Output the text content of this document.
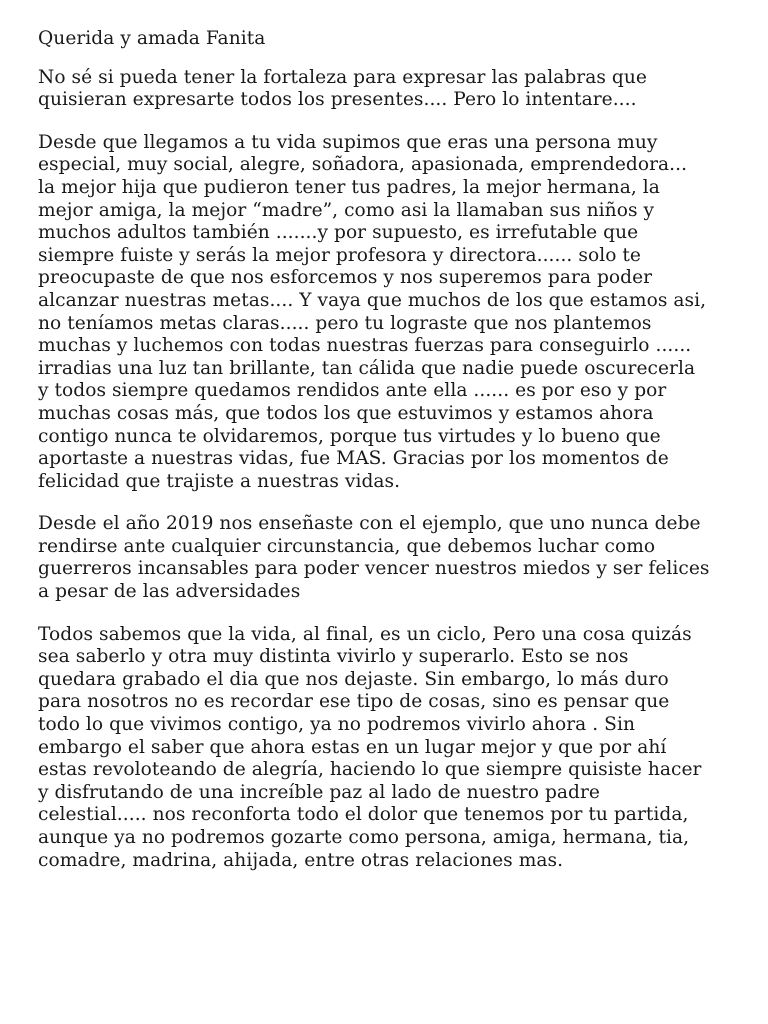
Querida y amada Fanita

No sé si pueda tener la fortaleza para expresar las palabras que
quisieran expresarte todos los presentes.... Pero lo intentare....

Desde que llegamos a tu vida supimos que eras una persona muy
especial, muy social, alegre, soñadora, apasionada, emprendedora...
la mejor hija que pudieron tener tus padres, la mejor hermana, la
mejor amiga, la mejor “madre”, como asi la llamaban sus niños y
muchos adultos también .......y por supuesto, es irrefutable que
siempre fuiste y serás la mejor profesora y directora...... solo te
preocupaste de que nos esforcemos y nos superemos para poder
alcanzar nuestras metas.... Y vaya que muchos de los que estamos asi,
no teníamos metas claras..... pero tu lograste que nos plantemos
muchas y luchemos con todas nuestras fuerzas para conseguirlo ......
irradias una luz tan brillante, tan cálida que nadie puede oscurecerla
y todos siempre quedamos rendidos ante ella ...... es por eso y por
muchas cosas más, que todos los que estuvimos y estamos ahora
contigo nunca te olvidaremos, porque tus virtudes y lo bueno que
aportaste a nuestras vidas, fue MAS. Gracias por los momentos de
felicidad que trajiste a nuestras vidas.

Desde el año 2019 nos enseñaste con el ejemplo, que uno nunca debe
rendirse ante cualquier circunstancia, que debemos luchar como
guerreros incansables para poder vencer nuestros miedos y ser felices
a pesar de las adversidades

Todos sabemos que la vida, al final, es un ciclo, Pero una cosa quizás
sea saberlo y otra muy distinta vivirlo y superarlo. Esto se nos
quedara grabado el dia que nos dejaste. Sin embargo, lo más duro
para nosotros no es recordar ese tipo de cosas, sino es pensar que
todo lo que vivimos contigo, ya no podremos vivirlo ahora . Sin
embargo el saber que ahora estas en un lugar mejor y que por ahí
estas revoloteando de alegría, haciendo lo que siempre quisiste hacer
y disfrutando de una increíble paz al lado de nuestro padre
celestial..... nos reconforta todo el dolor que tenemos por tu partida,
aunque ya no podremos gozarte como persona, amiga, hermana, tia,
comadre, madrina, ahijada, entre otras relaciones mas.
